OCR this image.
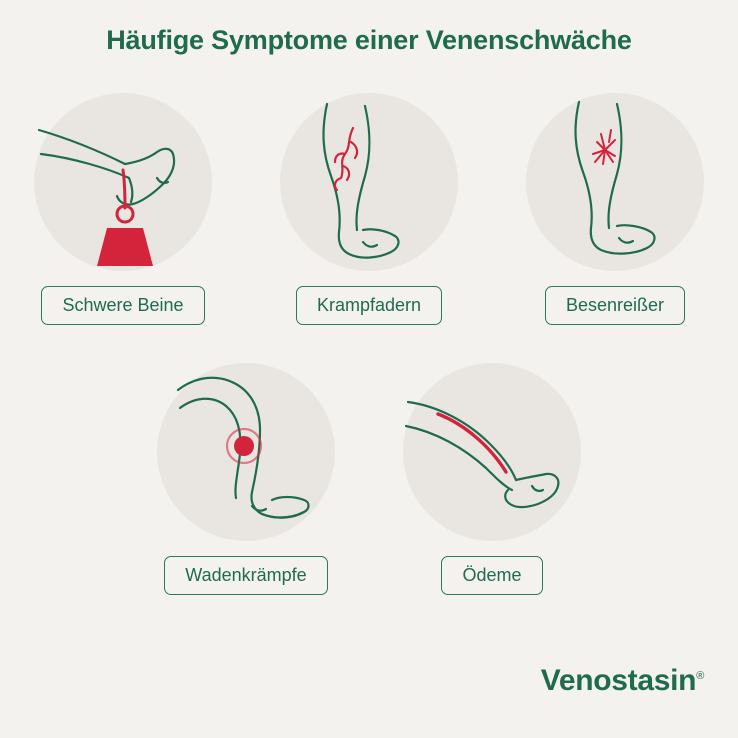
Häufige Symptome einer Venenschwäche
Schwere Beine	Krampfadern	Besenreißer
Wadenkrämpfe	Ödeme
Venostasin®
